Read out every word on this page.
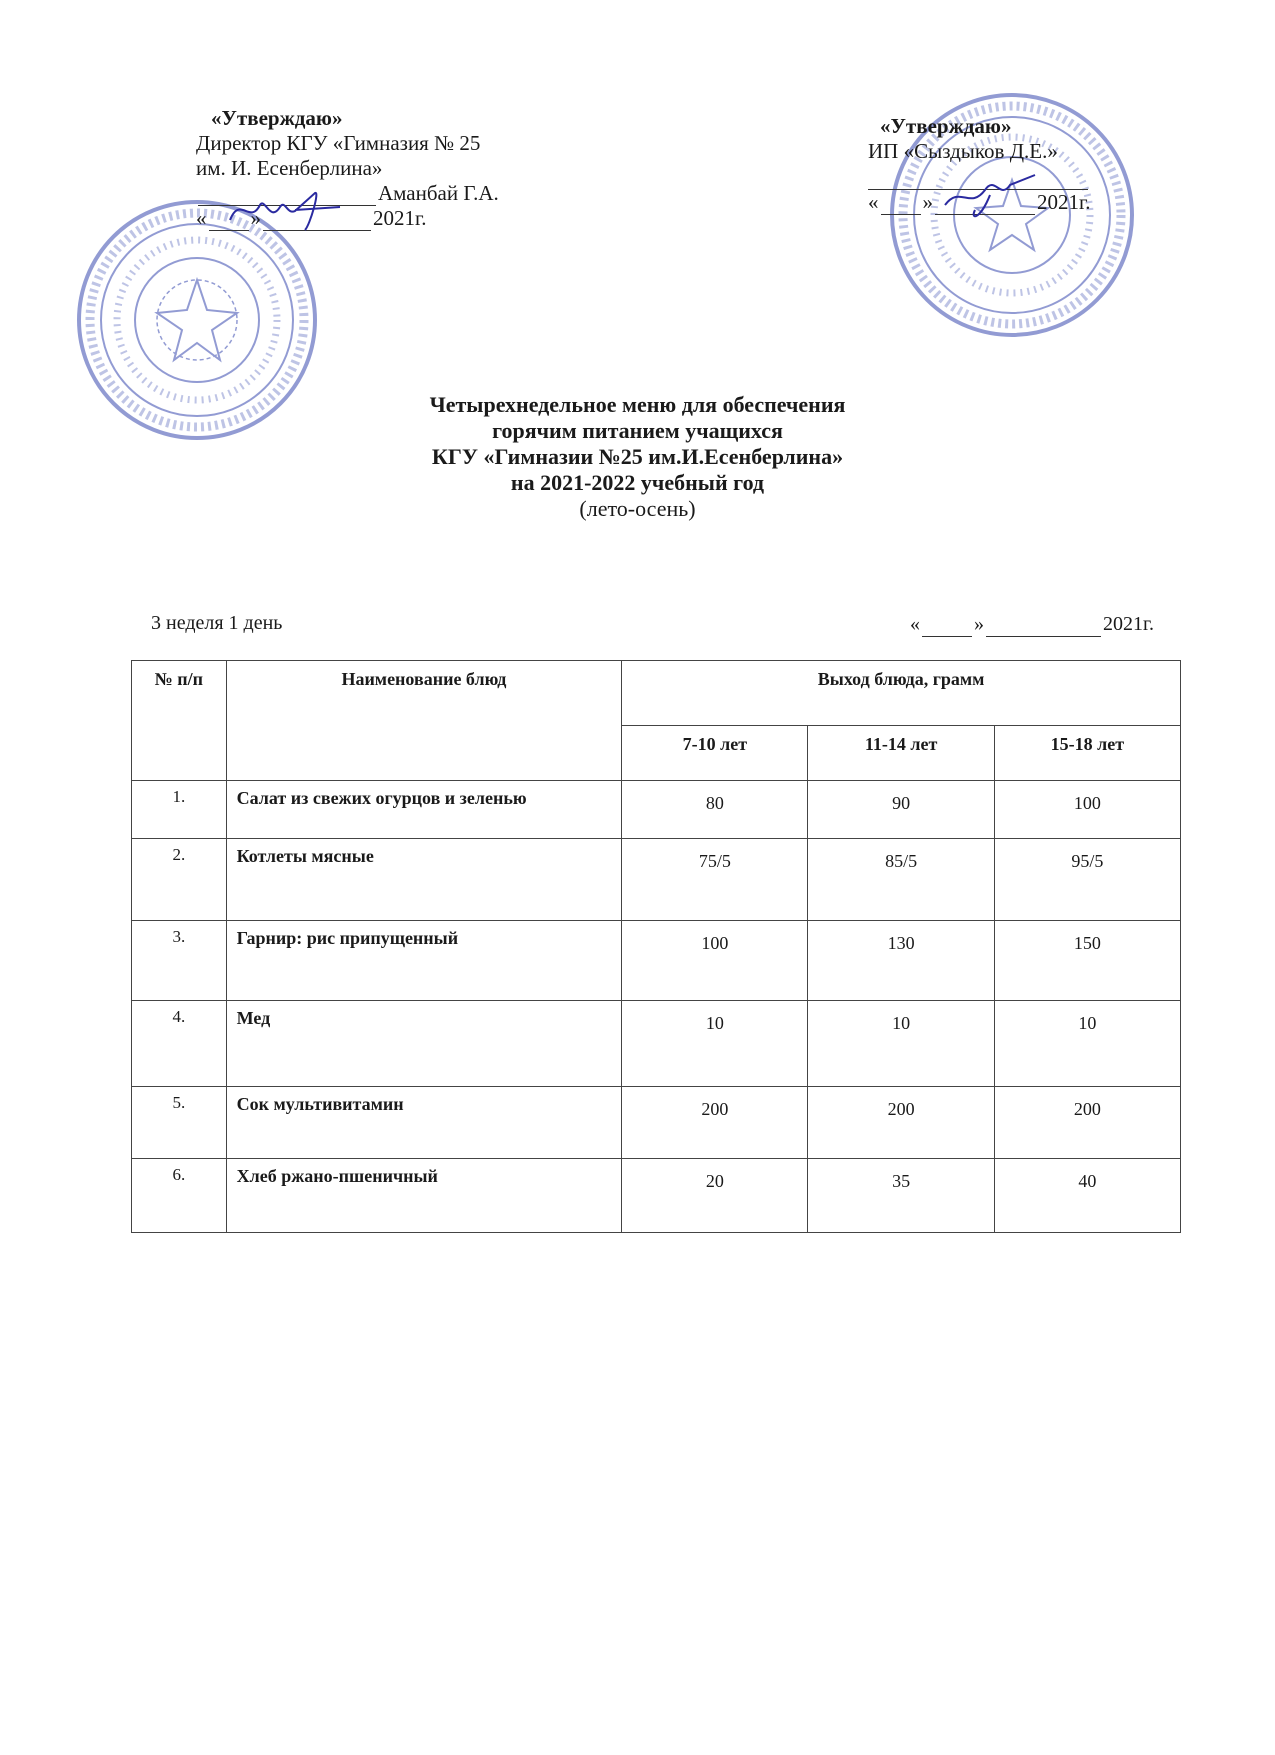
«Утверждаю»
Директор КГУ «Гимназия № 25
им. И. Есенберлина»
Аманбай Г.А.
« »	2021г.
«Утверждаю»
ИП «Сыздыков Д.Е.»
« »	2021г.
Четырехнедельное меню для обеспечения
горячим питанием учащихся
КГУ «Гимназии №25 им.И.Есенберлина»
на 2021-2022 учебный год
(лето-осень)
3 неделя 1 день	«	»	2021г.
№ п/п	Наименование блюд	Выход блюда, грамм		
		7-10 лет	11-14 лет	15-18 лет
1.	Салат из свежих огурцов и зеленью	80	90	100
2.	Котлеты мясные	75/5	85/5	95/5
3.	Гарнир: рис припущенный	100	130	150
4.	Мед	10	10	10
5.	Сок мультивитамин	200	200	200
6.	Хлеб ржано-пшеничный	20	35	40
